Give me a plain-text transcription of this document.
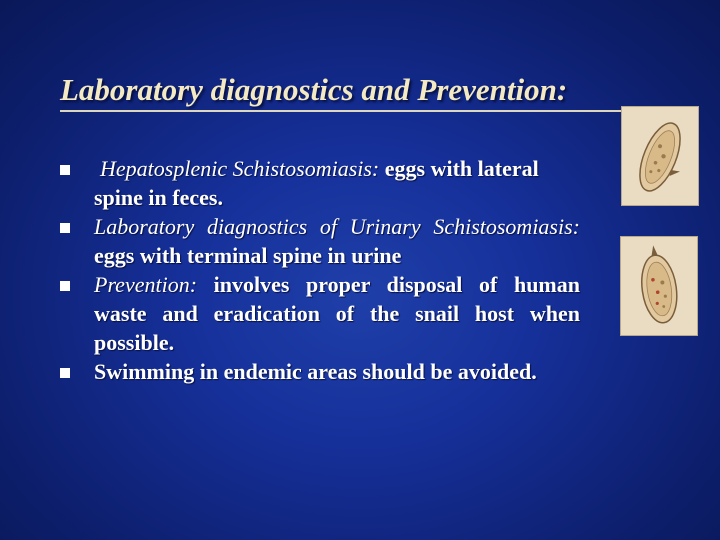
Laboratory diagnostics and Prevention:
Hepatosplenic Schistosomiasis: eggs with lateral spine in feces.
Laboratory diagnostics of Urinary Schistosomiasis: eggs with terminal spine in urine
Prevention: involves proper disposal of human waste and eradication of the snail host when possible.
Swimming in endemic areas should be avoided.
